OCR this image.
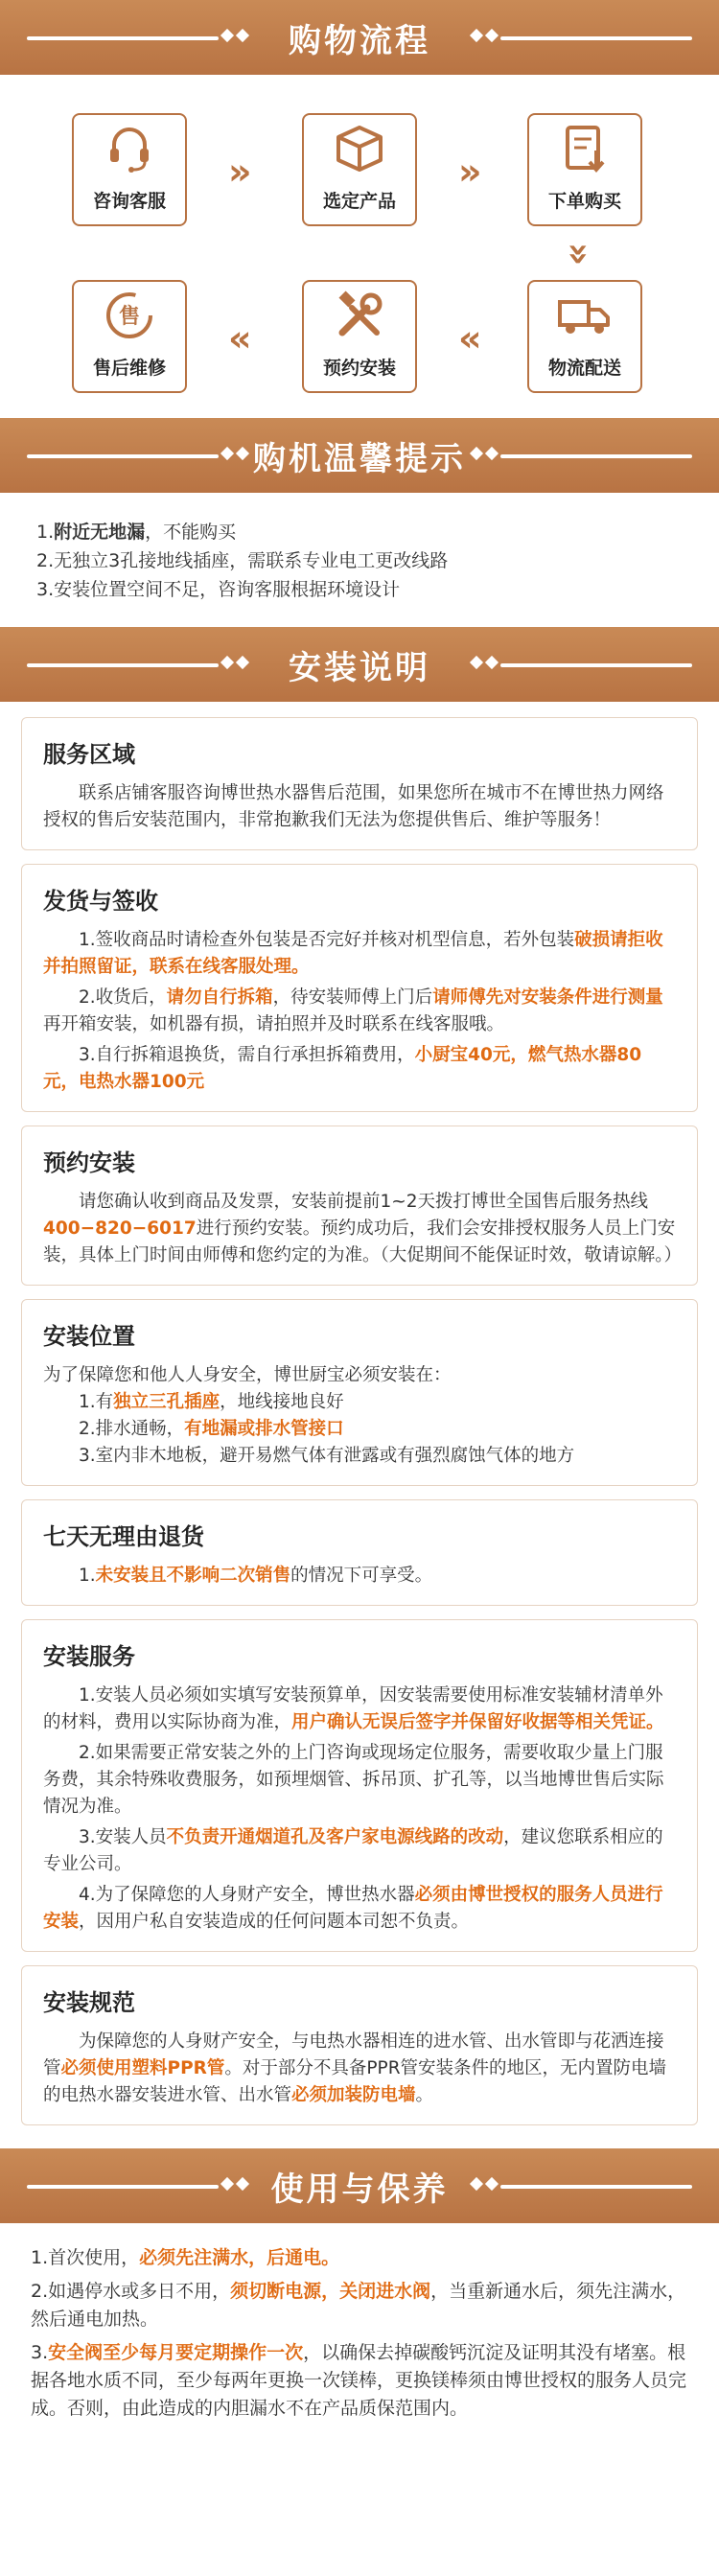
购物流程
咨询客服
»
选定产品
»
下单购买
»
物流配送
«
预约安装
«
售
售后维修
购机温馨提示

1.附近无地漏，不能购买

2.无独立3孔接地线插座，需联系专业电工更改线路

3.安装位置空间不足，咨询客服根据环境设计

安装说明
服务区域

联系店铺客服咨询博世热水器售后范围，如果您所在城市不在博世热力网络授权的售后安装范围内，非常抱歉我们无法为您提供售后、维护等服务！

发货与签收

1.签收商品时请检查外包装是否完好并核对机型信息，若外包装破损请拒收并拍照留证，联系在线客服处理。

2.收货后，请勿自行拆箱，待安装师傅上门后请师傅先对安装条件进行测量再开箱安装，如机器有损，请拍照并及时联系在线客服哦。

3.自行拆箱退换货，需自行承担拆箱费用，小厨宝40元，燃气热水器80元，电热水器100元

预约安装

请您确认收到商品及发票，安装前提前1~2天拨打博世全国售后服务热线400−820−6017进行预约安装。预约成功后，我们会安排授权服务人员上门安装，具体上门时间由师傅和您约定的为准。（大促期间不能保证时效，敬请谅解。）

安装位置

为了保障您和他人人身安全，博世厨宝必须安装在：

1.有独立三孔插座，地线接地良好

2.排水通畅，有地漏或排水管接口

3.室内非木地板，避开易燃气体有泄露或有强烈腐蚀气体的地方

七天无理由退货

1.未安装且不影响二次销售的情况下可享受。

安装服务

1.安装人员必须如实填写安装预算单，因安装需要使用标准安装辅材清单外的材料，费用以实际协商为准，用户确认无误后签字并保留好收据等相关凭证。

2.如果需要正常安装之外的上门咨询或现场定位服务，需要收取少量上门服务费，其余特殊收费服务，如预埋烟管、拆吊顶、扩孔等，以当地博世售后实际情况为准。

3.安装人员不负责开通烟道孔及客户家电源线路的改动，建议您联系相应的专业公司。

4.为了保障您的人身财产安全，博世热水器必须由博世授权的服务人员进行安装，因用户私自安装造成的任何问题本司恕不负责。

安装规范

为保障您的人身财产安全，与电热水器相连的进水管、出水管即与花洒连接管必须使用塑料PPR管。对于部分不具备PPR管安装条件的地区，无内置防电墙的电热水器安装进水管、出水管必须加装防电墙。

使用与保养

1.首次使用，必须先注满水，后通电。

2.如遇停水或多日不用，须切断电源，关闭进水阀，当重新通水后，须先注满水，然后通电加热。

3.安全阀至少每月要定期操作一次，以确保去掉碳酸钙沉淀及证明其没有堵塞。根据各地水质不同，至少每两年更换一次镁棒，更换镁棒须由博世授权的服务人员完成。否则，由此造成的内胆漏水不在产品质保范围内。
